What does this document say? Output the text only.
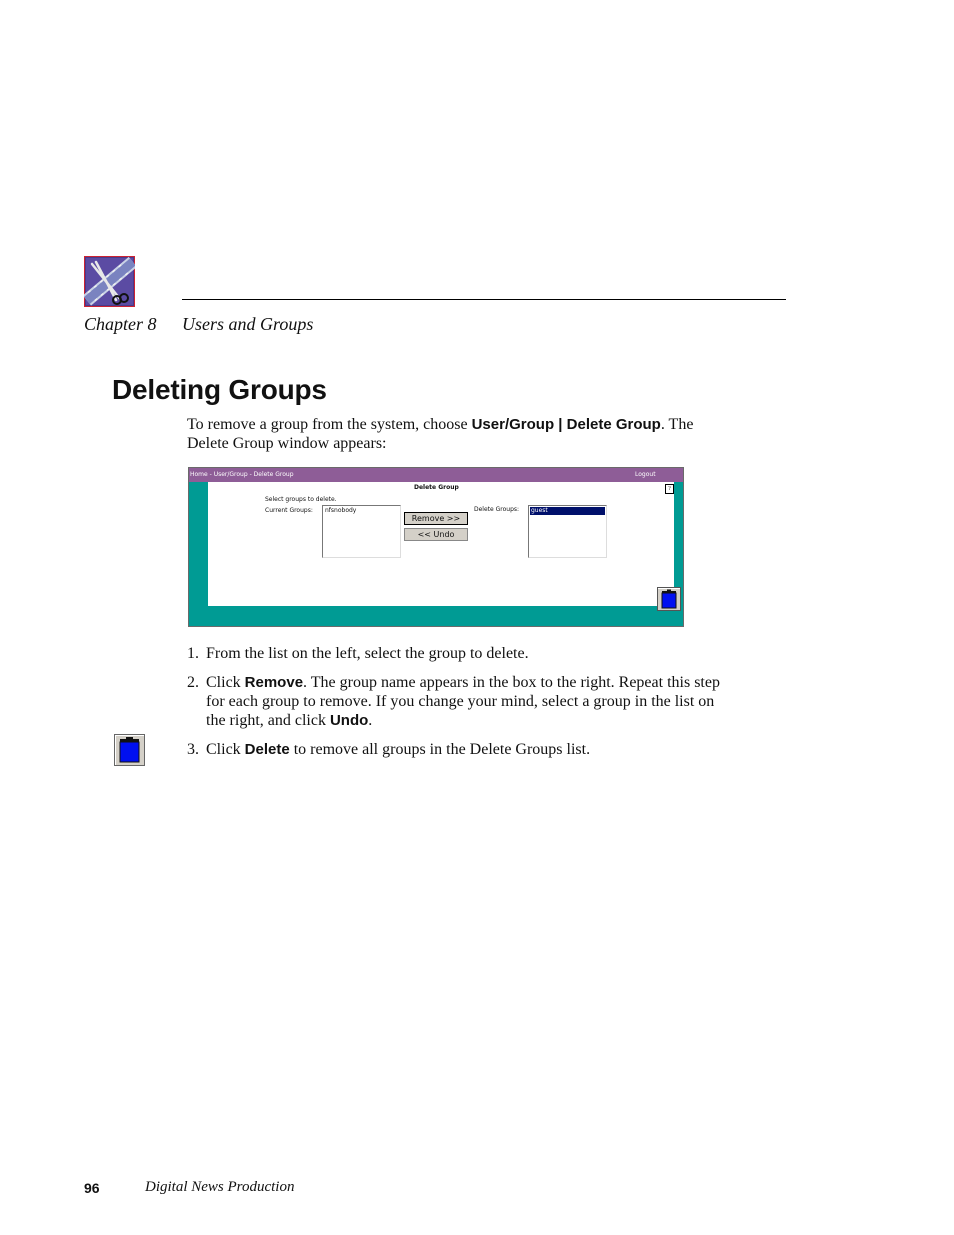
Chapter 8 Users and Groups
Deleting Groups
To remove a group from the system, choose User/Group | Delete Group. The Delete Group window appears:
Home - User/Group - Delete Group	Logout
Delete Group	?
Select groups to delete.
Current Groups: nfsnobody
Remove >>
<< Undo
Delete Groups: guest
1. From the list on the left, select the group to delete.
2. Click Remove. The group name appears in the box to the right. Repeat this step for each group to remove. If you change your mind, select a group in the list on the right, and click Undo.
3. Click Delete to remove all groups in the Delete Groups list.
96	Digital News Production
